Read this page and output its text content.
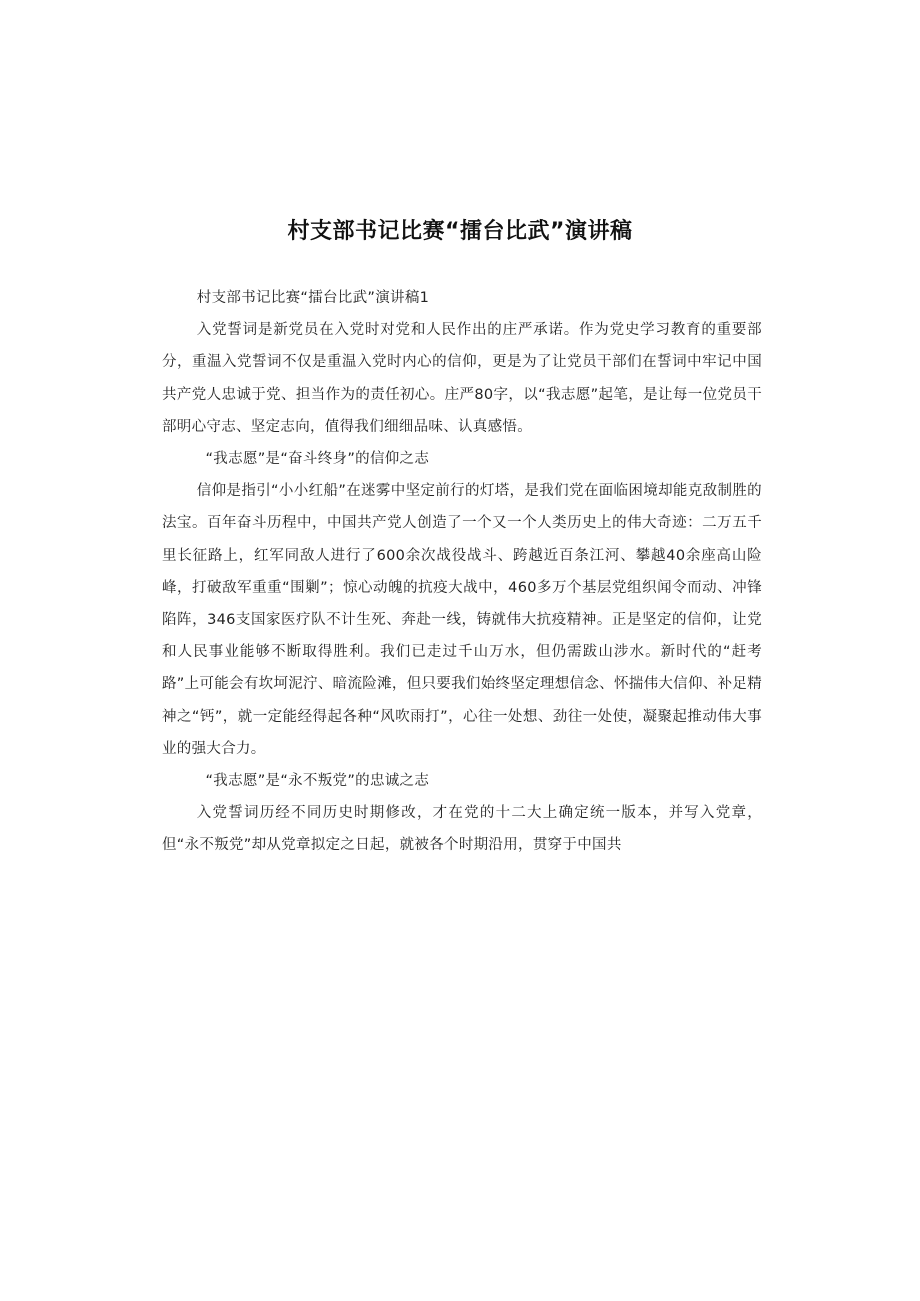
村支部书记比赛“擂台比武”演讲稿

村支部书记比赛“擂台比武”演讲稿1

入党誓词是新党员在入党时对党和人民作出的庄严承诺。作为党史学习教育的重要部分，重温入党誓词不仅是重温入党时内心的信仰，更是为了让党员干部们在誓词中牢记中国共产党人忠诚于党、担当作为的责任初心。庄严80字，以“我志愿”起笔，是让每一位党员干部明心守志、坚定志向，值得我们细细品味、认真感悟。

“我志愿”是“奋斗终身”的信仰之志

信仰是指引“小小红船”在迷雾中坚定前行的灯塔，是我们党在面临困境却能克敌制胜的法宝。百年奋斗历程中，中国共产党人创造了一个又一个人类历史上的伟大奇迹：二万五千里长征路上，红军同敌人进行了600余次战役战斗、跨越近百条江河、攀越40余座高山险峰，打破敌军重重“围剿”；惊心动魄的抗疫大战中，460多万个基层党组织闻令而动、冲锋陷阵，346支国家医疗队不计生死、奔赴一线，铸就伟大抗疫精神。正是坚定的信仰，让党和人民事业能够不断取得胜利。我们已走过千山万水，但仍需跋山涉水。新时代的“赶考路”上可能会有坎坷泥泞、暗流险滩，但只要我们始终坚定理想信念、怀揣伟大信仰、补足精神之“钙”，就一定能经得起各种“风吹雨打”，心往一处想、劲往一处使，凝聚起推动伟大事业的强大合力。

“我志愿”是“永不叛党”的忠诚之志

入党誓词历经不同历史时期修改，才在党的十二大上确定统一版本，并写入党章，但“永不叛党”却从党章拟定之日起，就被各个时期沿用，贯穿于中国共
